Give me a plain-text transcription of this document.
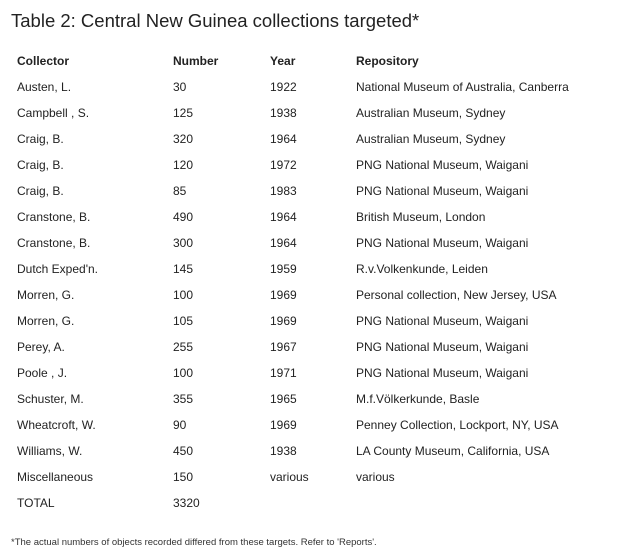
Table 2: Central New Guinea collections targeted*
Collector	Number	Year	Repository
Austen, L.	30	1922	National Museum of Australia, Canberra
Campbell , S.	125	1938	Australian Museum, Sydney
Craig, B.	320	1964	Australian Museum, Sydney
Craig, B.	120	1972	PNG National Museum, Waigani
Craig, B.	85	1983	PNG National Museum, Waigani
Cranstone, B.	490	1964	British Museum, London
Cranstone, B.	300	1964	PNG National Museum, Waigani
Dutch Exped'n.	145	1959	R.v.Volkenkunde, Leiden
Morren, G.	100	1969	Personal collection, New Jersey, USA
Morren, G.	105	1969	PNG National Museum, Waigani
Perey, A.	255	1967	PNG National Museum, Waigani
Poole , J.	100	1971	PNG National Museum, Waigani
Schuster, M.	355	1965	M.f.Völkerkunde, Basle
Wheatcroft, W.	90	1969	Penney Collection, Lockport, NY, USA
Williams, W.	450	1938	LA County Museum, California, USA
Miscellaneous	150	various	various
TOTAL	3320		
*The actual numbers of objects recorded differed from these targets. Refer to 'Reports'.
